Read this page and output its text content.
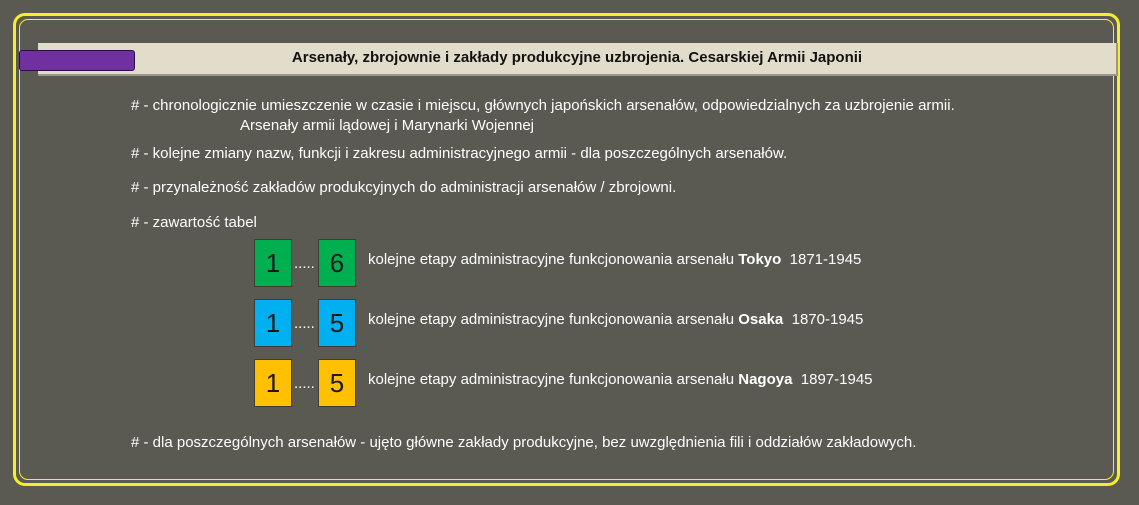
Arsenały, zbrojownie i zakłady produkcyjne uzbrojenia. Cesarskiej Armii Japonii
# - chronologicznie umieszczenie w czasie i miejscu, głównych japońskich arsenałów, odpowiedzialnych za uzbrojenie armii.
Arsenały armii lądowej i Marynarki Wojennej
# - kolejne zmiany nazw, funkcji i zakresu administracyjnego armii - dla poszczególnych arsenałów.
# - przynależność zakładów produkcyjnych do administracji arsenałów / zbrojowni.
# - zawartość tabel
1 ..... 6	kolejne etapy administracyjne funkcjonowania arsenału Tokyo 1871-1945
1 ..... 5	kolejne etapy administracyjne funkcjonowania arsenału Osaka 1870-1945
1 ..... 5	kolejne etapy administracyjne funkcjonowania arsenału Nagoya 1897-1945
# - dla poszczególnych arsenałów - ujęto główne zakłady produkcyjne, bez uwzględnienia fili i oddziałów zakładowych.
